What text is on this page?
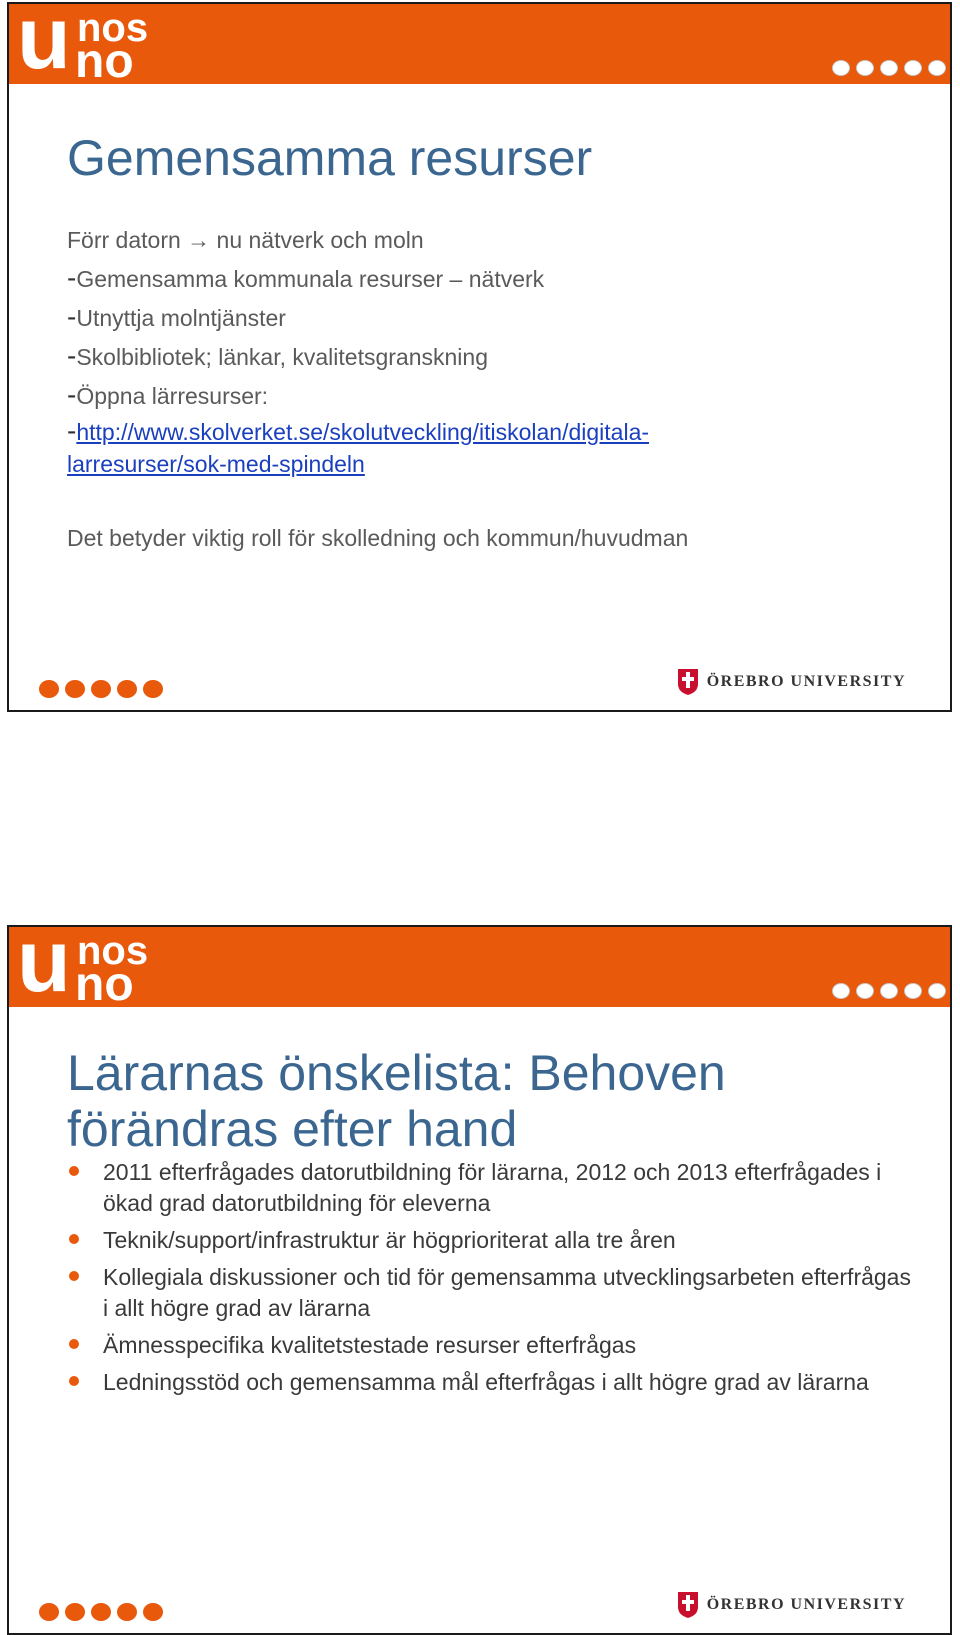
u nos
no
Gemensamma resurser
Förr datorn → nu nätverk och moln
-Gemensamma kommunala resurser – nätverk
-Utnyttja molntjänster
-Skolbibliotek; länkar, kvalitetsgranskning
-Öppna lärresurser:
-http://www.skolverket.se/skolutveckling/itiskolan/digitala-
larresurser/sok-med-spindeln
Det betyder viktig roll för skolledning och kommun/huvudman
ÖREBRO UNIVERSITY
u nos
no
Lärarnas önskelista: Behoven
förändras efter hand
2011 efterfrågades datorutbildning för lärarna, 2012 och 2013 efterfrågades i ökad grad datorutbildning för eleverna
Teknik/support/infrastruktur är högprioriterat alla tre åren
Kollegiala diskussioner och tid för gemensamma utvecklingsarbeten efterfrågas i allt högre grad av lärarna
Ämnesspecifika kvalitetstestade resurser efterfrågas
Ledningsstöd och gemensamma mål efterfrågas i allt högre grad av lärarna
ÖREBRO UNIVERSITY
